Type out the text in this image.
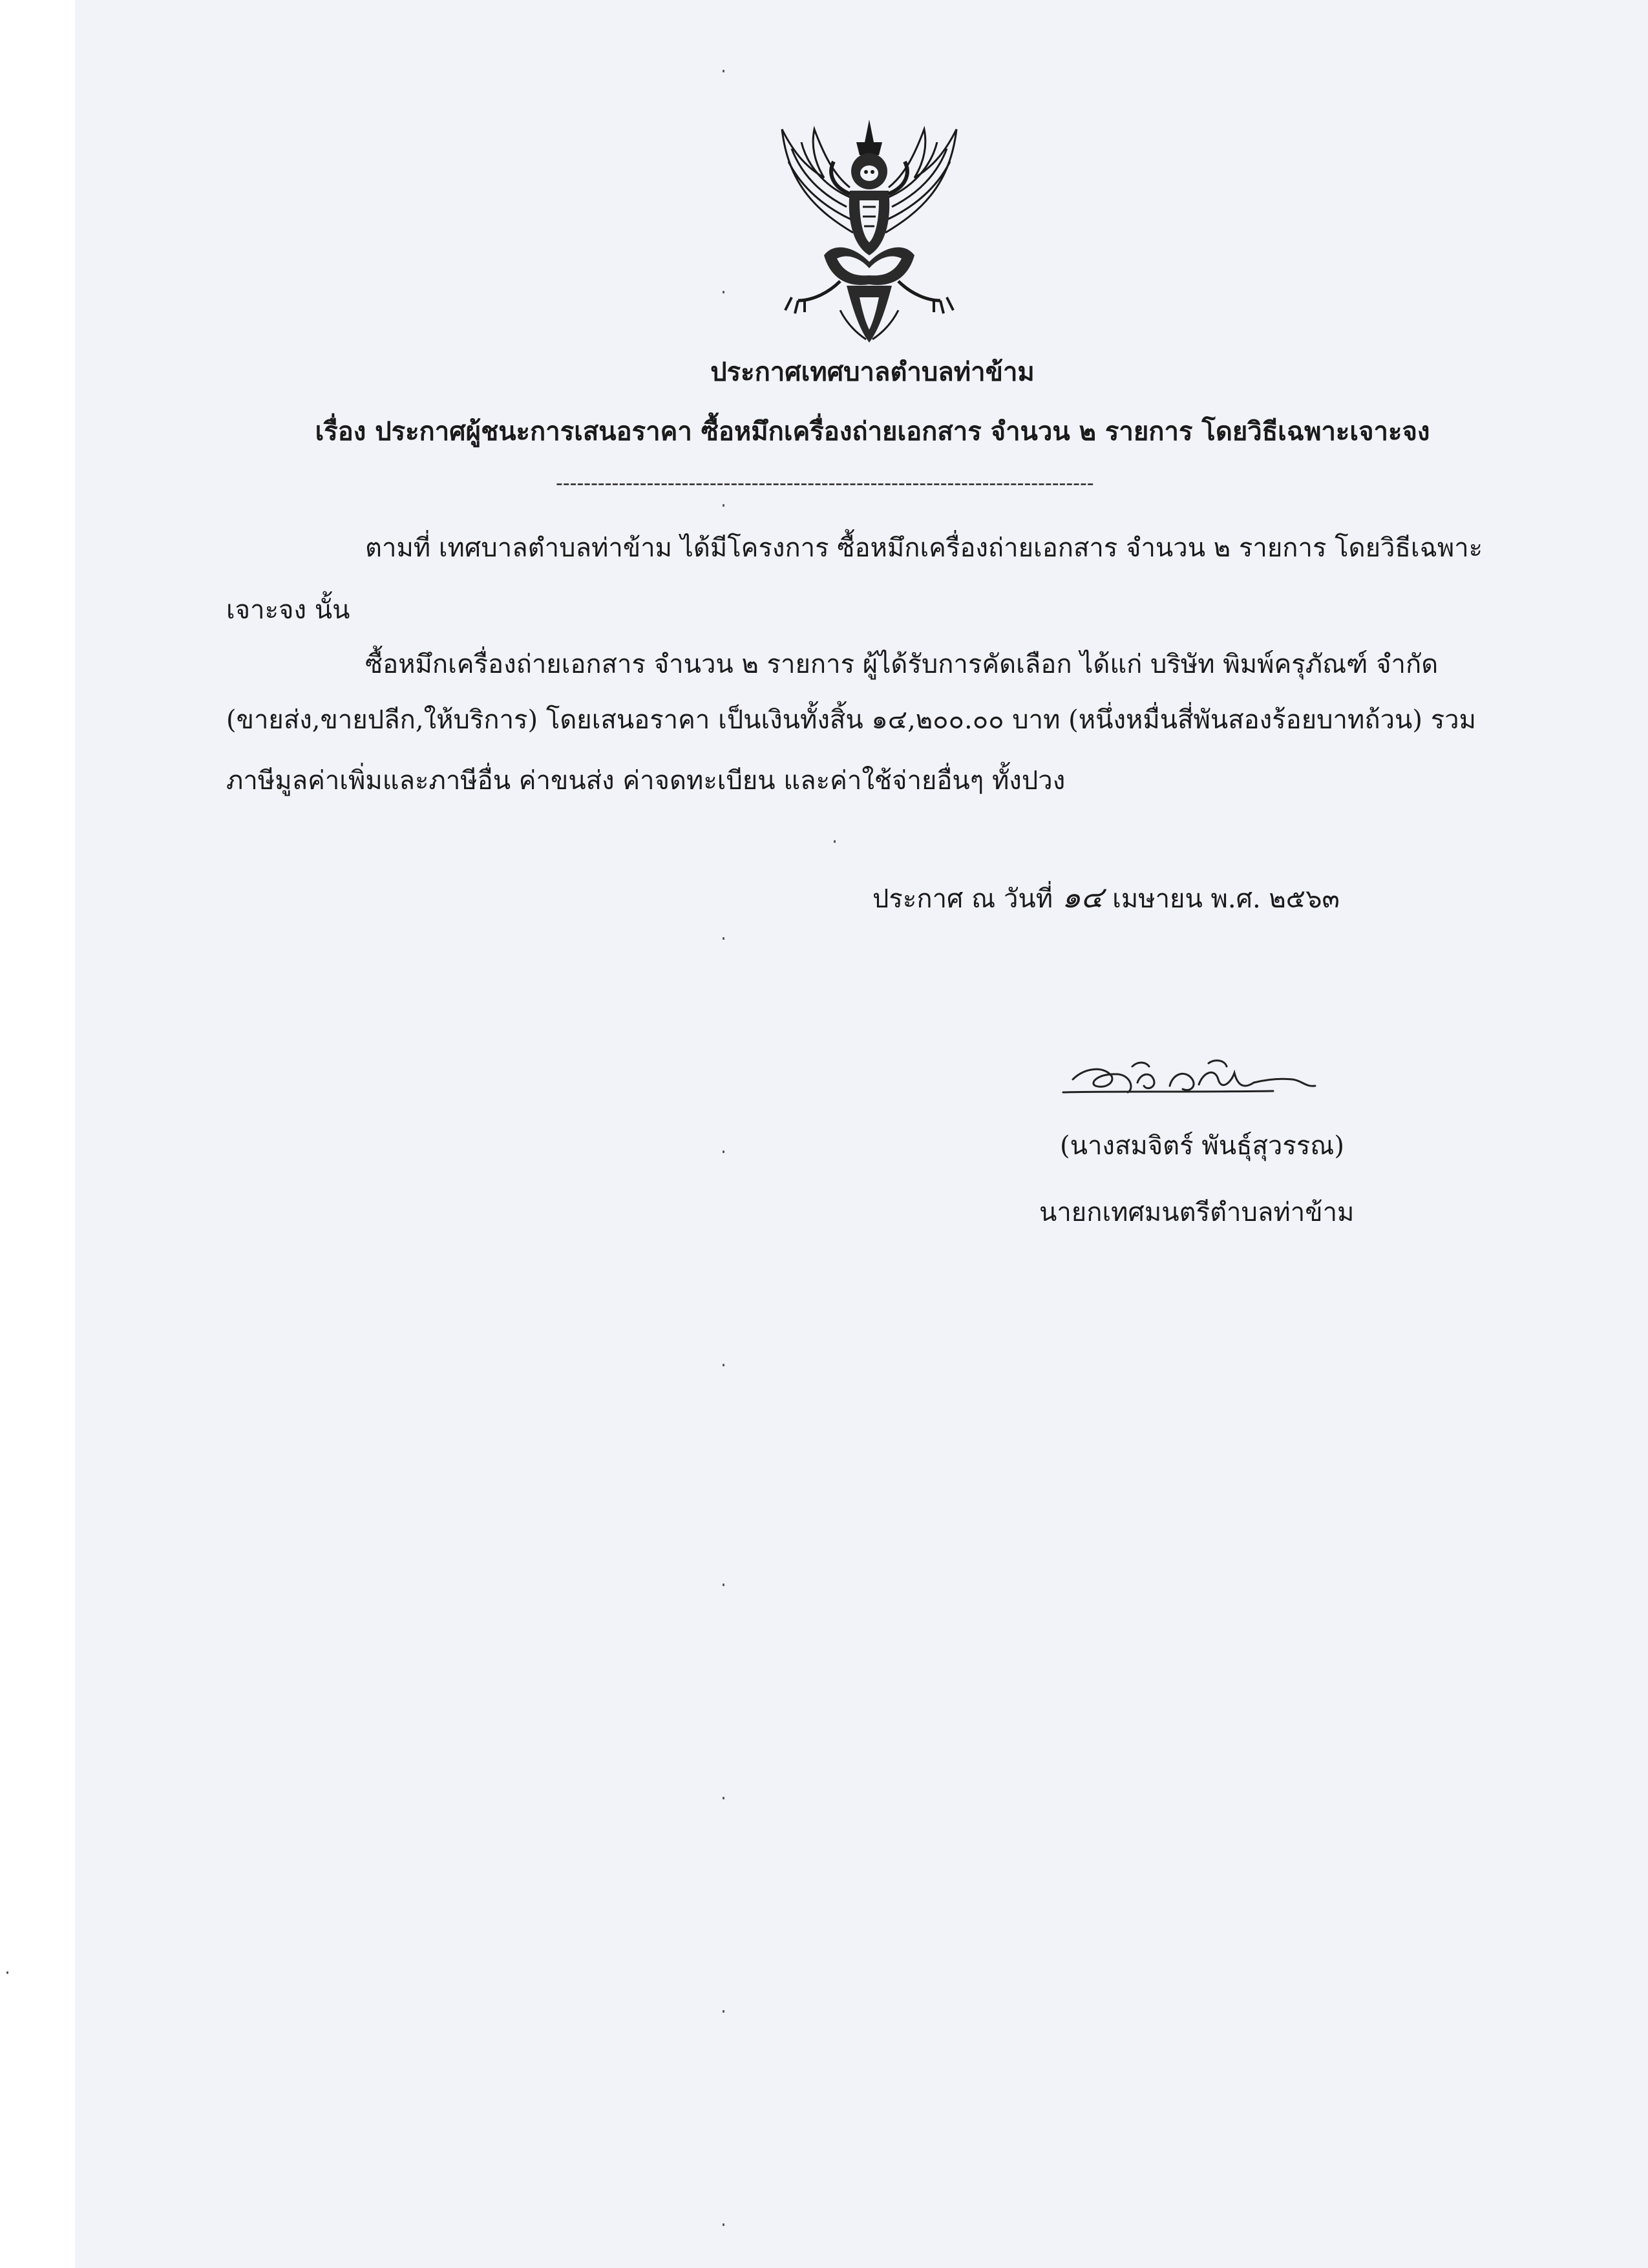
ประกาศเทศบาลตำบลท่าข้าม
เรื่อง ประกาศผู้ชนะการเสนอราคา ซื้อหมึกเครื่องถ่ายเอกสาร จำนวน ๒ รายการ โดยวิธีเฉพาะเจาะจง
-----------------------------------------------------------------------------
ตามที่ เทศบาลตำบลท่าข้าม ได้มีโครงการ ซื้อหมึกเครื่องถ่ายเอกสาร จำนวน ๒ รายการ โดยวิธีเฉพาะ
เจาะจง นั้น
ซื้อหมึกเครื่องถ่ายเอกสาร จำนวน ๒ รายการ ผู้ได้รับการคัดเลือก ได้แก่ บริษัท พิมพ์ครุภัณฑ์ จำกัด
(ขายส่ง,ขายปลีก,ให้บริการ) โดยเสนอราคา เป็นเงินทั้งสิ้น ๑๔,๒๐๐.๐๐ บาท (หนึ่งหมื่นสี่พันสองร้อยบาทถ้วน) รวม
ภาษีมูลค่าเพิ่มและภาษีอื่น ค่าขนส่ง ค่าจดทะเบียน และค่าใช้จ่ายอื่นๆ ทั้งปวง
ประกาศ ณ วันที่ ๑๔ เมษายน พ.ศ. ๒๕๖๓
(นางสมจิตร์ พันธุ์สุวรรณ)
นายกเทศมนตรีตำบลท่าข้าม
